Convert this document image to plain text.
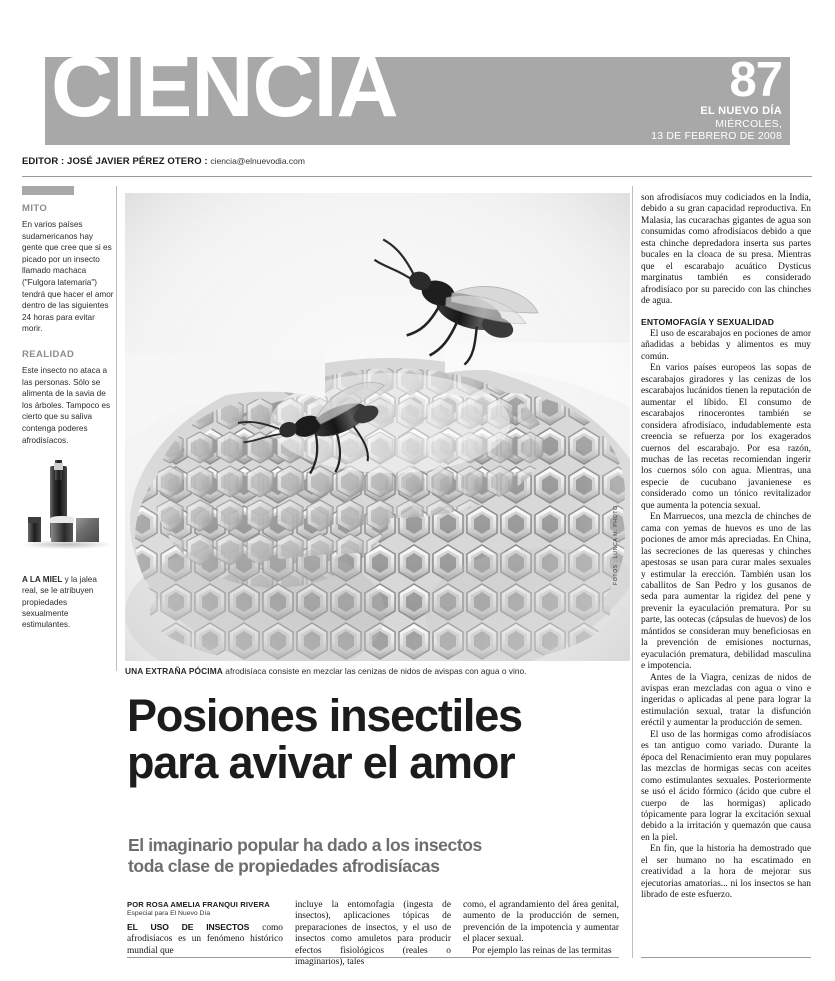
CIENCIA	87
EL NUEVO DÍA
MIÉRCOLES,
13 DE FEBRERO DE 2008
EDITOR : JOSÉ JAVIER PÉREZ OTERO : ciencia@elnuevodia.com
MITO
En varios países sudamericanos hay gente que cree que si es picado por un insecto llamado machaca ("Fulgora latemaria") tendrá que hacer el amor dentro de las siguientes 24 horas para evitar morir.
REALIDAD
Este insecto no ataca a las personas. Sólo se alimenta de la savia de los árboles. Tampoco es cierto que su saliva contenga poderes afrodisíacos.
A LA MIEL y la jalea real, se le atribuyen propiedades sexualmente estimulantes.
FOTOS : LUNCA M. PHOTO
UNA EXTRAÑA PÓCIMA afrodisíaca consiste en mezclar las cenizas de nidos de avispas con agua o vino.
Posiones insectiles
para avivar el amor
El imaginario popular ha dado a los insectos
toda clase de propiedades afrodisíacas
POR ROSA AMELIA FRANQUI RIVERA
Especial para El Nuevo Día

EL USO DE INSECTOS como afrodisíacos es un fenómeno histórico mundial que

incluye la entomofagia (ingesta de insectos), aplicaciones tópicas de preparaciones de insectos, y el uso de insectos como amuletos para producir efectos fisiológicos (reales o imaginarios), tales

como, el agrandamiento del área genital, aumento de la producción de semen, prevención de la impotencia y aumentar el placer sexual.

Por ejemplo las reinas de las termitas

son afrodisíacos muy codiciados en la India, debido a su gran capacidad reproductiva. En Malasia, las cucarachas gigantes de agua son consumidas como afrodisíacos debido a que esta chinche depredadora inserta sus partes bucales en la cloaca de su presa. Mientras que el escarabajo acuático Dysticus marginatus también es considerado afrodisíaco por su parecido con las chinches de agua.

ENTOMOFAGÍA Y SEXUALIDAD

El uso de escarabajos en pociones de amor añadidas a bebidas y alimentos es muy común.

En varios países europeos las sopas de escarabajos giradores y las cenizas de los escarabajos lucánidos tienen la reputación de aumentar el líbido. El consumo de escarabajos rinocerontes también se considera afrodisíaco, indudablemente esta creencia se refuerza por los exagerados cuernos del escarabajo. Por esa razón, muchas de las recetas recomiendan ingerir los cuernos sólo con agua. Mientras, una especie de cucubano javanienese es considerado como un tónico revitalizador que aumenta la potencia sexual.

En Marruecos, una mezcla de chinches de cama con yemas de huevos es uno de las pociones de amor más apreciadas. En China, las secreciones de las queresas y chinches apestosas se usan para curar males sexuales y estimular la erección. También usan los caballitos de San Pedro y los gusanos de seda para aumentar la rigidez del pene y prevenir la eyaculación prematura. Por su parte, las ootecas (cápsulas de huevos) de los mántidos se consideran muy beneficiosas en la prevención de emisiones nocturnas, eyaculación prematura, debilidad masculina e impotencia.

Antes de la Viagra, cenizas de nidos de avispas eran mezcladas con agua o vino e ingeridas o aplicadas al pene para lograr la estimulación sexual, tratar la disfunción eréctil y aumentar la producción de semen.

El uso de las hormigas como afrodisíacos es tan antiguo como variado. Durante la época del Renacimiento eran muy populares las mezclas de hormigas secas con aceites como estimulantes sexuales. Posteriormente se usó el ácido fórmico (ácido que cubre el cuerpo de las hormigas) aplicado tópicamente para lograr la excitación sexual debido a la irritación y quemazón que causa en la piel.

En fin, que la historia ha demostrado que el ser humano no ha escatimado en creatividad a la hora de mejorar sus ejecutorias amatorias... ni los insectos se han librado de este esfuerzo.
